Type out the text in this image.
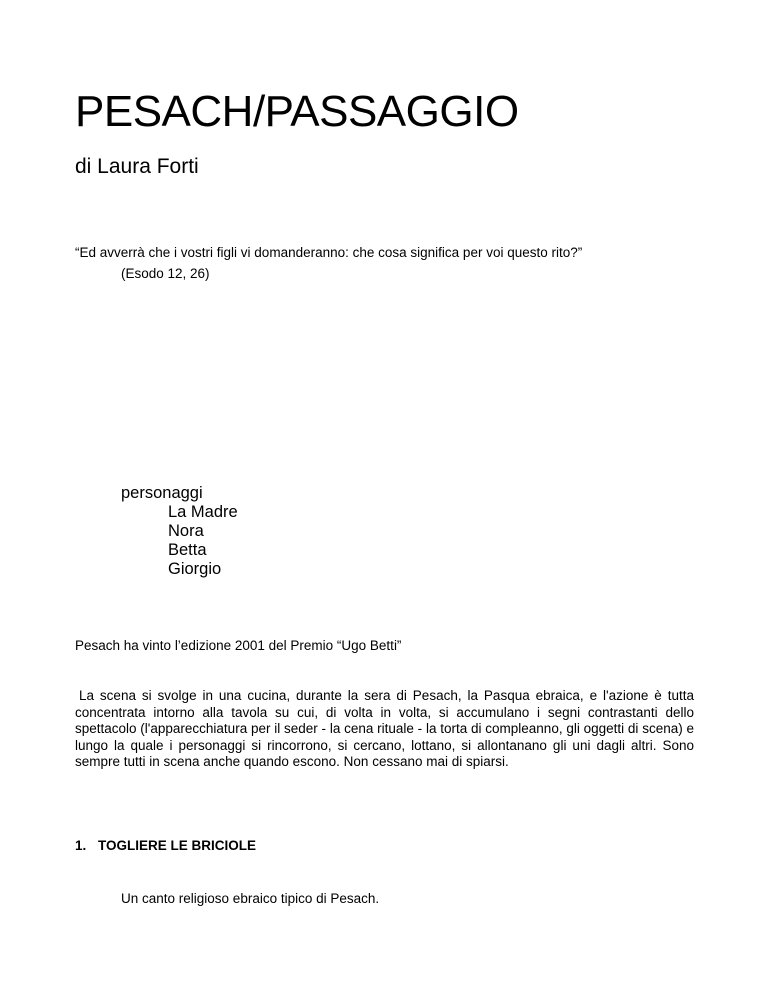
PESACH/PASSAGGIO

di Laura Forti

“Ed avverrà che i vostri figli vi domanderanno: che cosa significa per voi questo rito?”

(Esodo 12, 26)

personaggi
La Madre
Nora
Betta
Giorgio

Pesach ha vinto l’edizione 2001 del Premio “Ugo Betti”

La scena si svolge in una cucina, durante la sera di Pesach, la Pasqua ebraica, e l'azione è tutta concentrata intorno alla tavola su cui, di volta in volta, si accumulano i segni contrastanti dello spettacolo (l'apparecchiatura per il seder - la cena rituale - la torta di compleanno, gli oggetti di scena) e lungo la quale i personaggi si rincorrono, si cercano, lottano, si allontanano gli uni dagli altri. Sono sempre tutti in scena anche quando escono. Non cessano mai di spiarsi.

1. TOGLIERE LE BRICIOLE

Un canto religioso ebraico tipico di Pesach.
